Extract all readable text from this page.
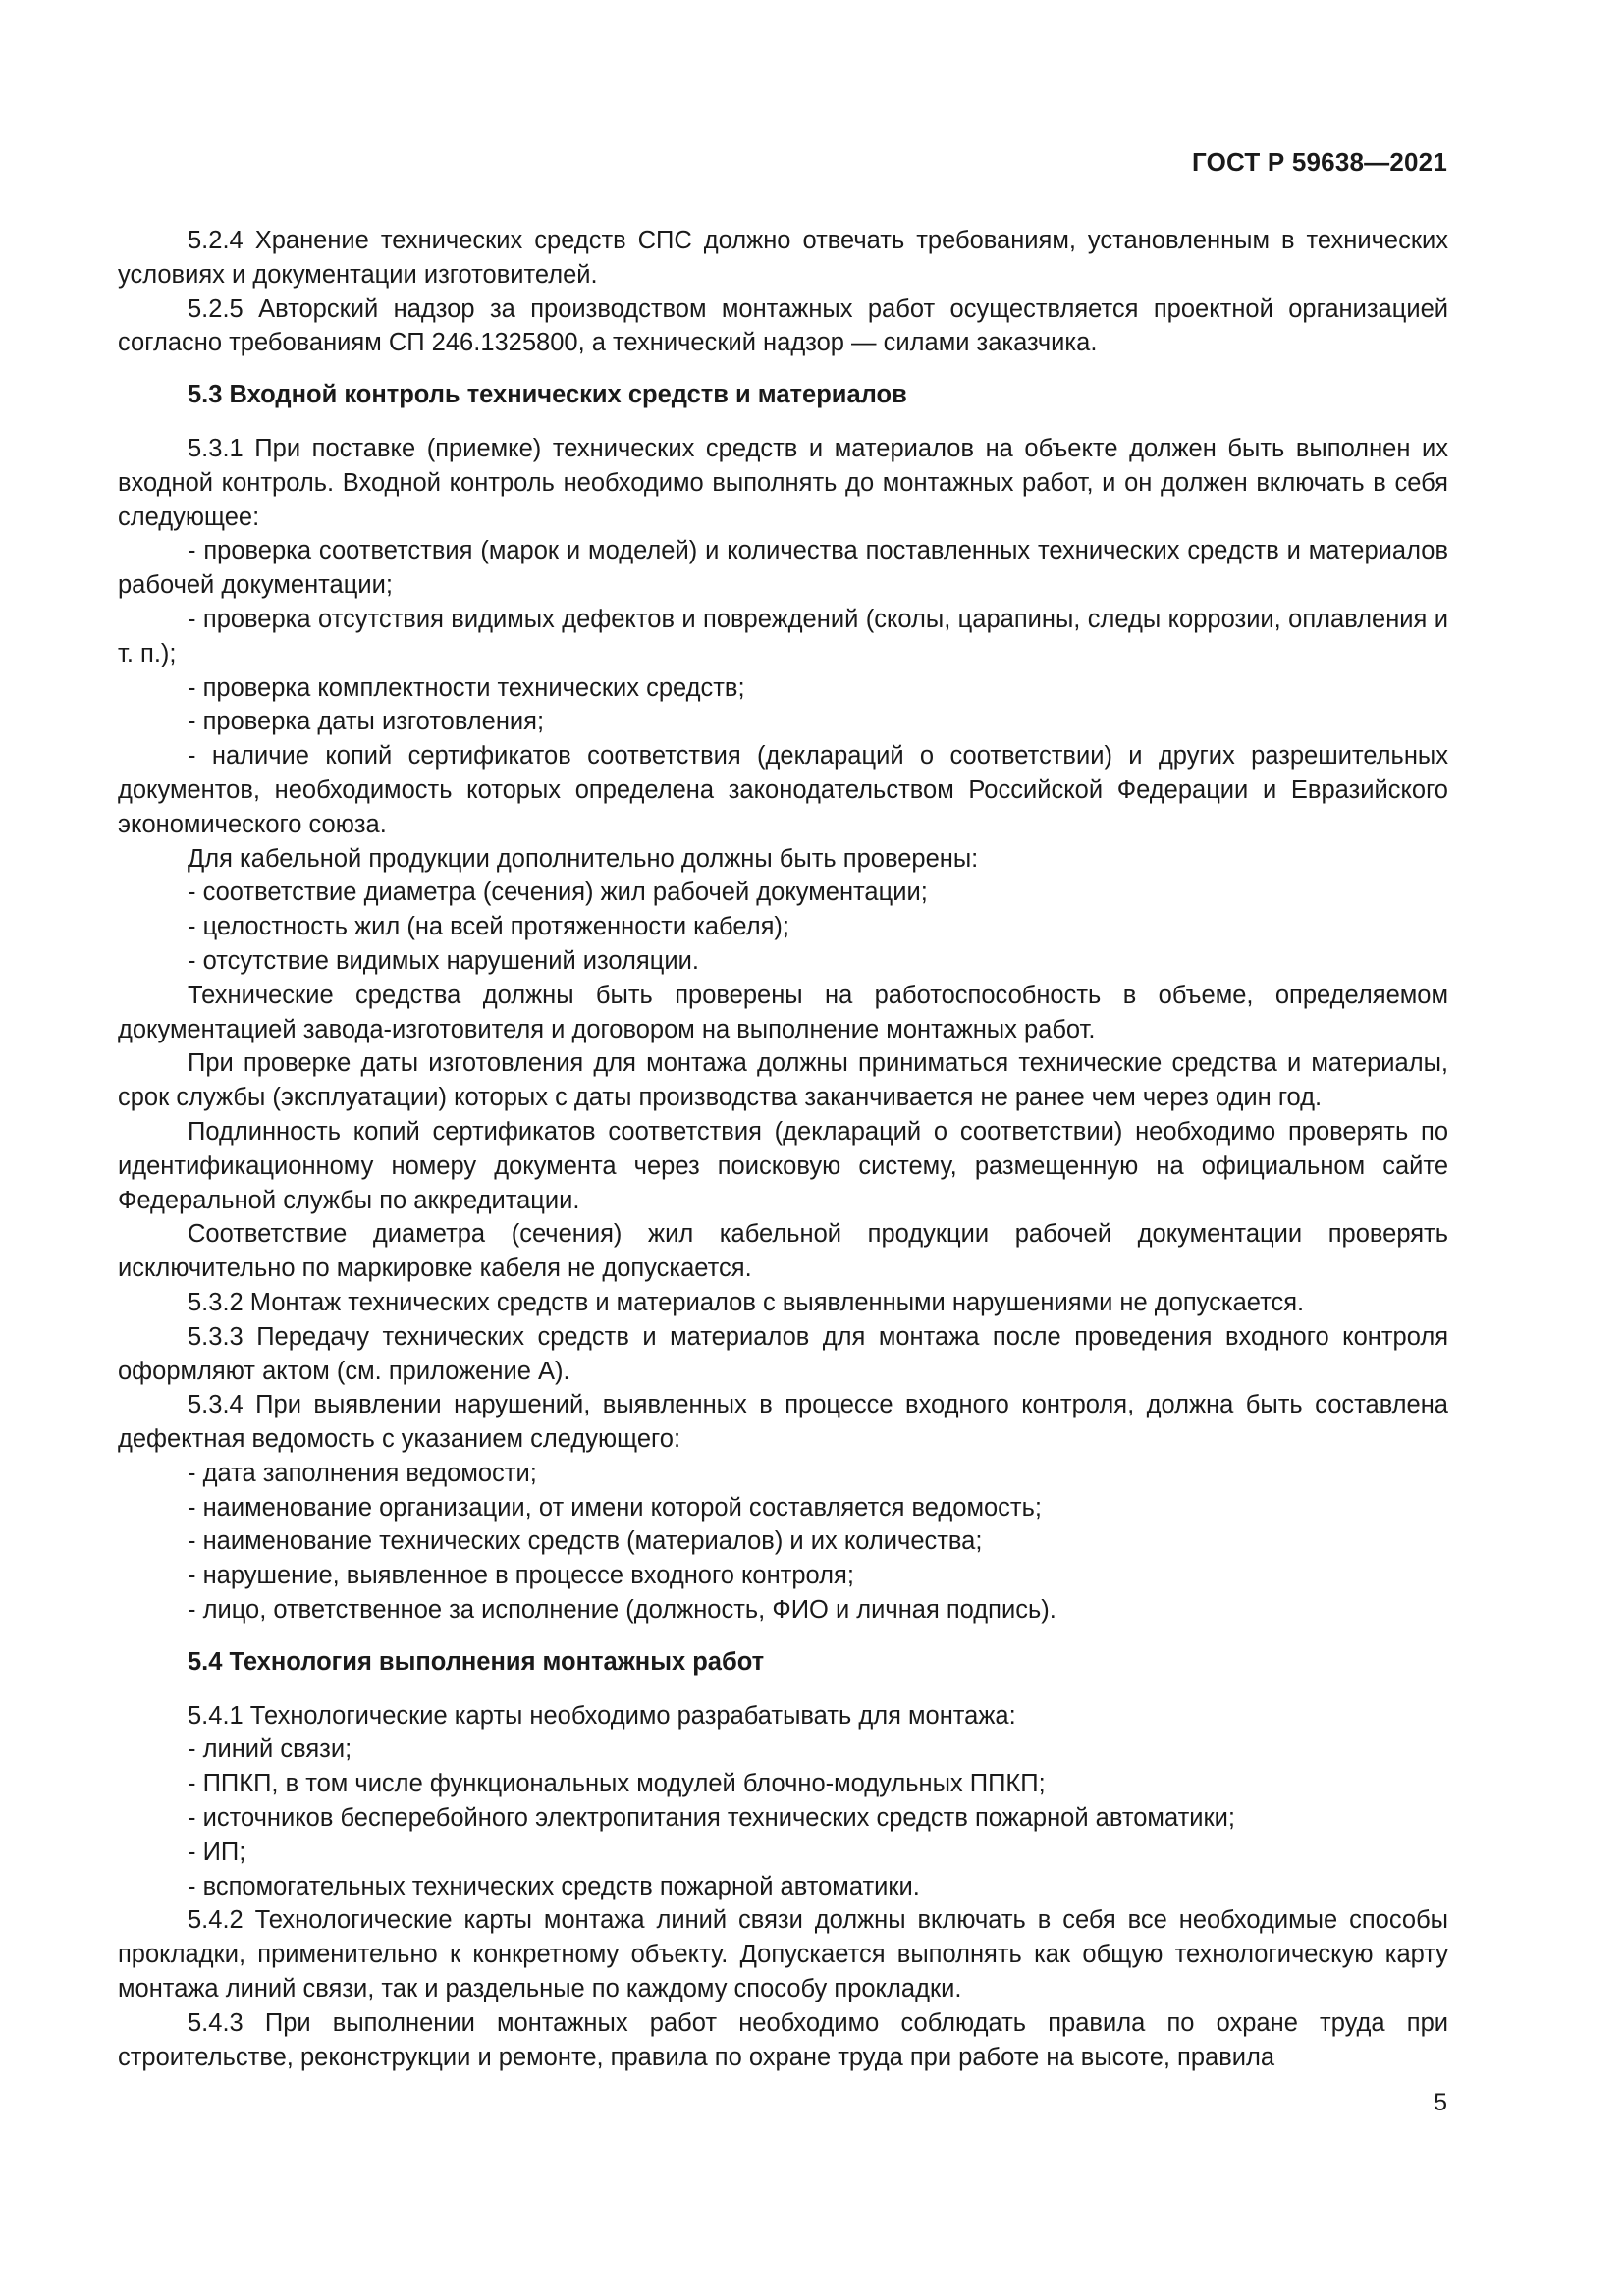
ГОСТ Р 59638—2021

5.2.4 Хранение технических средств СПС должно отвечать требованиям, установленным в технических условиях и документации изготовителей.

5.2.5 Авторский надзор за производством монтажных работ осуществляется проектной организацией согласно требованиям СП 246.1325800, а технический надзор — силами заказчика.

5.3 Входной контроль технических средств и материалов

5.3.1 При поставке (приемке) технических средств и материалов на объекте должен быть выполнен их входной контроль. Входной контроль необходимо выполнять до монтажных работ, и он должен включать в себя следующее:

- проверка соответствия (марок и моделей) и количества поставленных технических средств и материалов рабочей документации;

- проверка отсутствия видимых дефектов и повреждений (сколы, царапины, следы коррозии, оплавления и т. п.);

- проверка комплектности технических средств;

- проверка даты изготовления;

- наличие копий сертификатов соответствия (деклараций о соответствии) и других разрешительных документов, необходимость которых определена законодательством Российской Федерации и Евразийского экономического союза.

Для кабельной продукции дополнительно должны быть проверены:

- соответствие диаметра (сечения) жил рабочей документации;

- целостность жил (на всей протяженности кабеля);

- отсутствие видимых нарушений изоляции.

Технические средства должны быть проверены на работоспособность в объеме, определяемом документацией завода-изготовителя и договором на выполнение монтажных работ.

При проверке даты изготовления для монтажа должны приниматься технические средства и материалы, срок службы (эксплуатации) которых с даты производства заканчивается не ранее чем через один год.

Подлинность копий сертификатов соответствия (деклараций о соответствии) необходимо проверять по идентификационному номеру документа через поисковую систему, размещенную на официальном сайте Федеральной службы по аккредитации.

Соответствие диаметра (сечения) жил кабельной продукции рабочей документации проверять исключительно по маркировке кабеля не допускается.

5.3.2 Монтаж технических средств и материалов с выявленными нарушениями не допускается.

5.3.3 Передачу технических средств и материалов для монтажа после проведения входного контроля оформляют актом (см. приложение А).

5.3.4 При выявлении нарушений, выявленных в процессе входного контроля, должна быть составлена дефектная ведомость с указанием следующего:

- дата заполнения ведомости;

- наименование организации, от имени которой составляется ведомость;

- наименование технических средств (материалов) и их количества;

- нарушение, выявленное в процессе входного контроля;

- лицо, ответственное за исполнение (должность, ФИО и личная подпись).

5.4 Технология выполнения монтажных работ

5.4.1 Технологические карты необходимо разрабатывать для монтажа:

- линий связи;

- ППКП, в том числе функциональных модулей блочно-модульных ППКП;

- источников бесперебойного электропитания технических средств пожарной автоматики;

- ИП;

- вспомогательных технических средств пожарной автоматики.

5.4.2 Технологические карты монтажа линий связи должны включать в себя все необходимые способы прокладки, применительно к конкретному объекту. Допускается выполнять как общую технологическую карту монтажа линий связи, так и раздельные по каждому способу прокладки.

5.4.3 При выполнении монтажных работ необходимо соблюдать правила по охране труда при строительстве, реконструкции и ремонте, правила по охране труда при работе на высоте, правила

5
